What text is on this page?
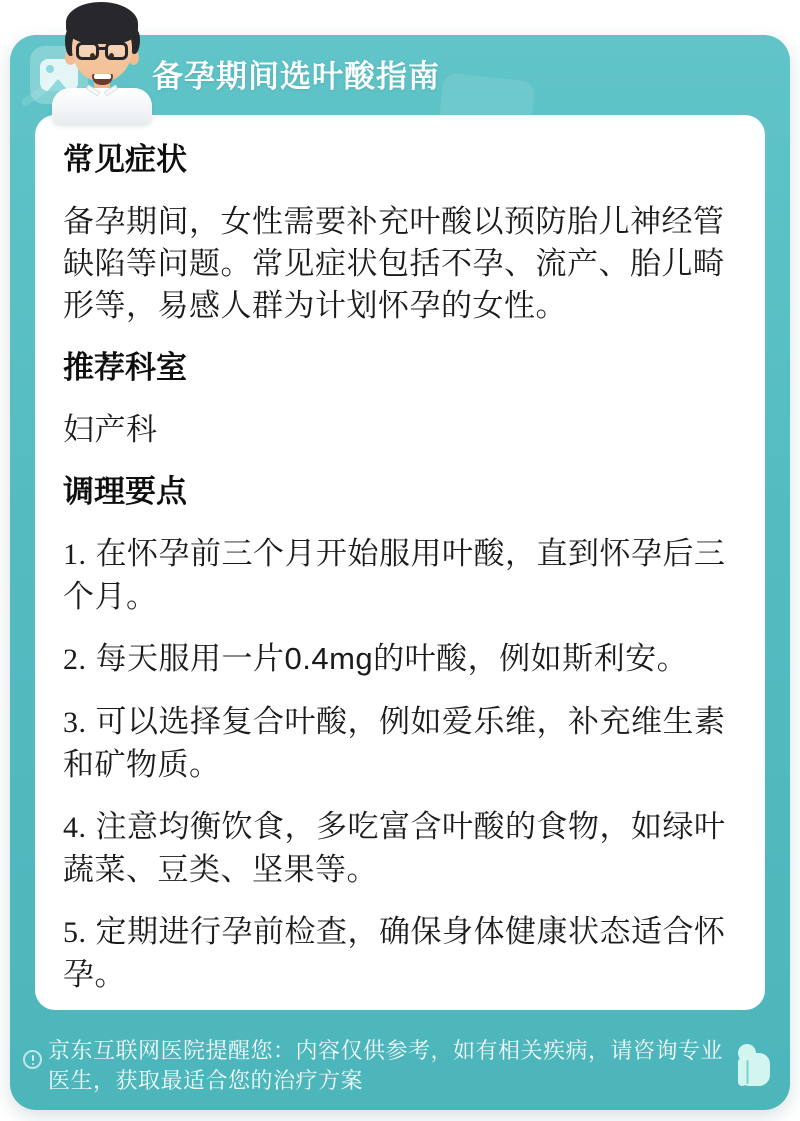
备孕期间选叶酸指南
常见症状

备孕期间，女性需要补充叶酸以预防胎儿神经管缺陷等问题。常见症状包括不孕、流产、胎儿畸形等，易感人群为计划怀孕的女性。

推荐科室

妇产科

调理要点
1. 在怀孕前三个月开始服用叶酸，直到怀孕后三个月。
2. 每天服用一片0.4mg的叶酸，例如斯利安。
3. 可以选择复合叶酸，例如爱乐维，补充维生素和矿物质。
4. 注意均衡饮食，多吃富含叶酸的食物，如绿叶蔬菜、豆类、坚果等。
5. 定期进行孕前检查，确保身体健康状态适合怀孕。
京东互联网医院提醒您：内容仅供参考，如有相关疾病，请咨询专业医生，获取最适合您的治疗方案
